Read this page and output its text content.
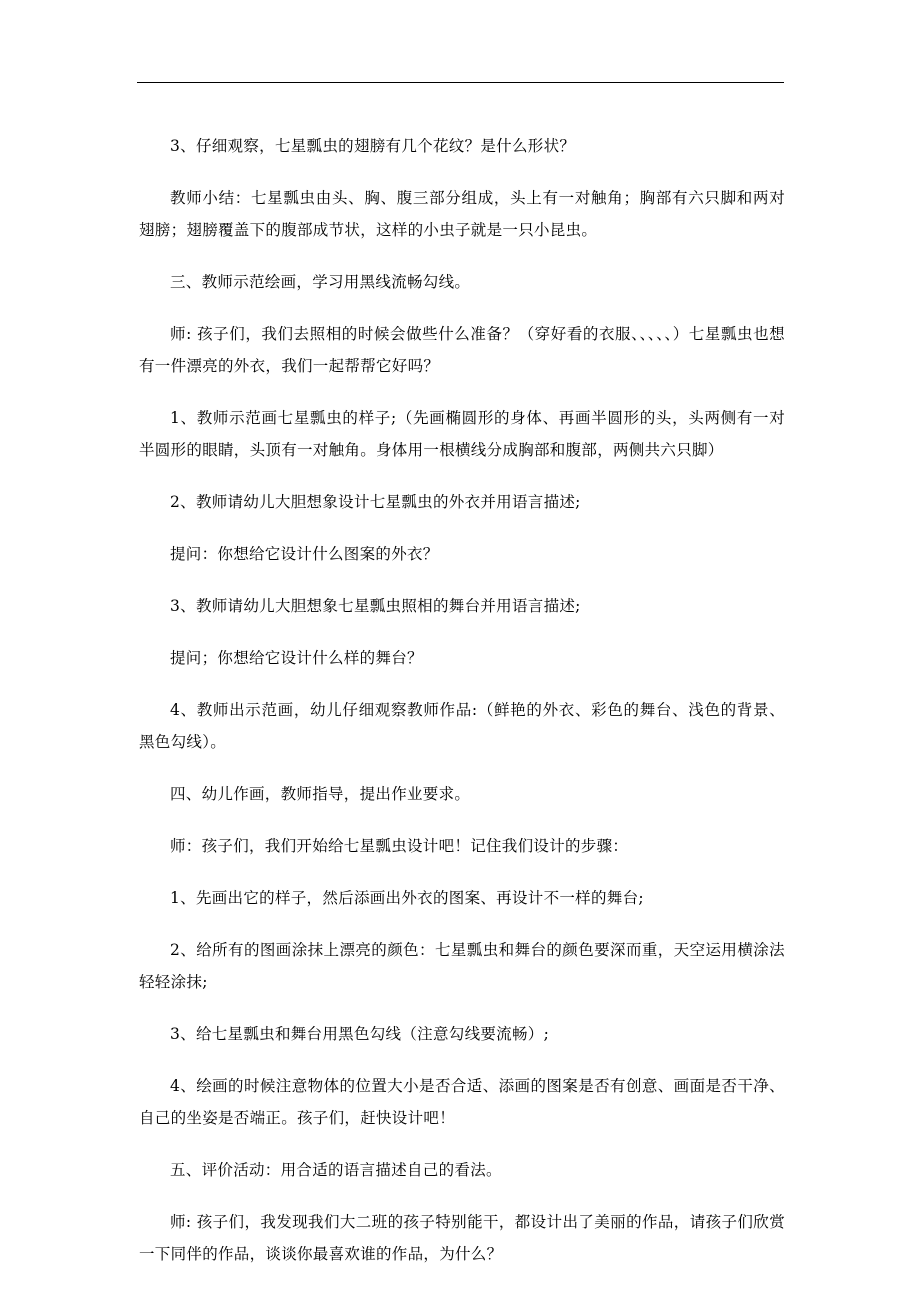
3、仔细观察，七星瓢虫的翅膀有几个花纹？是什么形状？

教师小结：七星瓢虫由头、胸、腹三部分组成，头上有一对触角；胸部有六只脚和两对翅膀；翅膀覆盖下的腹部成节状，这样的小虫子就是一只小昆虫。

三、教师示范绘画，学习用黑线流畅勾线。

师: 孩子们，我们去照相的时候会做些什么准备？（穿好看的衣服、、、、、）七星瓢虫也想有一件漂亮的外衣，我们一起帮帮它好吗？

1、教师示范画七星瓢虫的样子;（先画椭圆形的身体、再画半圆形的头，头两侧有一对半圆形的眼睛，头顶有一对触角。身体用一根横线分成胸部和腹部，两侧共六只脚）

2、教师请幼儿大胆想象设计七星瓢虫的外衣并用语言描述;

提问：你想给它设计什么图案的外衣？

3、教师请幼儿大胆想象七星瓢虫照相的舞台并用语言描述;

提问；你想给它设计什么样的舞台？

4、教师出示范画，幼儿仔细观察教师作品:（鲜艳的外衣、彩色的舞台、浅色的背景、黑色勾线）。

四、幼儿作画，教师指导，提出作业要求。

师：孩子们，我们开始给七星瓢虫设计吧！记住我们设计的步骤：

1、先画出它的样子，然后添画出外衣的图案、再设计不一样的舞台;

2、给所有的图画涂抹上漂亮的颜色：七星瓢虫和舞台的颜色要深而重，天空运用横涂法轻轻涂抹;

3、给七星瓢虫和舞台用黑色勾线（注意勾线要流畅）;

4、绘画的时候注意物体的位置大小是否合适、添画的图案是否有创意、画面是否干净、自己的坐姿是否端正。孩子们，赶快设计吧！

五、评价活动：用合适的语言描述自己的看法。

师: 孩子们，我发现我们大二班的孩子特别能干，都设计出了美丽的作品，请孩子们欣赏一下同伴的作品，谈谈你最喜欢谁的作品，为什么？
